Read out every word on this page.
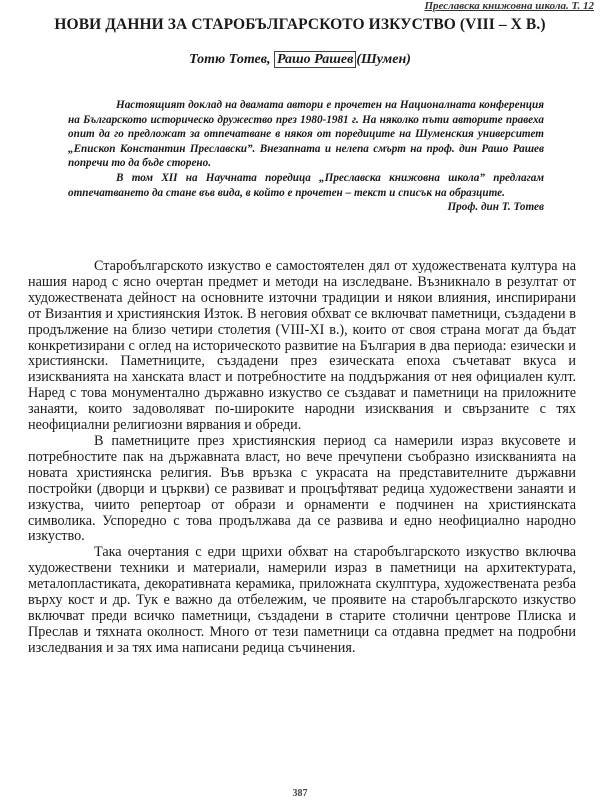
Преславска книжовна школа. Т. 12
НОВИ ДАННИ ЗА СТАРОБЪЛГАРСКОТО ИЗКУСТВО (VIII – X В.)
Тотю Тотев, Рашо Рашев (Шумен)

Настоящият доклад на двамата автори е прочетен на Националната конференция на Българското историческо дружество през 1980-1981 г. На няколко пъти авторите правеха опит да го предложат за отпечатване в някоя от поредиците на Шуменския университет „Епископ Константин Преславски”. Внезапната и нелепа смърт на проф. дин Рашо Рашев попречи то да бъде сторено.

В том XII на Научната поредица „Преславска книжовна школа” предлагам отпечатването да стане във вида, в който е прочетен – текст и списък на образците.

Проф. дин Т. Тотев

Старобългарското изкуство е самостоятелен дял от художествената култура на нашия народ с ясно очертан предмет и методи на изследване. Възникнало в резултат от художествената дейност на основните източни традиции и някои влияния, инспирирани от Византия и християнския Изток. В неговия обхват се включват паметници, създадени в продължение на близо четири столетия (VIII-XI в.), които от своя страна могат да бъдат конкретизирани с оглед на историческото развитие на България в два периода: езически и християнски. Паметниците, създадени през езическата епоха съчетават вкуса и изискванията на ханската власт и потребностите на поддържания от нея официален култ. Наред с това монументално държавно изкуство се създават и паметници на приложните занаяти, които задоволяват по-широките народни изисквания и свързаните с тях неофициални религиозни вярвания и обреди.

В паметниците през християнския период са намерили израз вкусовете и потребностите пак на държавната власт, но вече пречупени съобразно изискванията на новата християнска религия. Във връзка с украсата на представителните държавни постройки (дворци и църкви) се развиват и процъфтяват редица художествени занаяти и изкуства, чиито репертоар от образи и орнаменти е подчинен на християнската символика. Успоредно с това продължава да се развива и едно неофициално народно изкуство.

Така очертания с едри щрихи обхват на старобългарското изкуство включва художествени техники и материали, намерили израз в паметници на архитектурата, металопластиката, декоративната керамика, приложната скулптура, художествената резба върху кост и др. Тук е важно да отбележим, че проявите на старобългарското изкуство включват преди всичко паметници, създадени в старите столични центрове Плиска и Преслав и тяхната околност. Много от тези паметници са отдавна предмет на подробни изследвания и за тях има написани редица съчинения.

387
